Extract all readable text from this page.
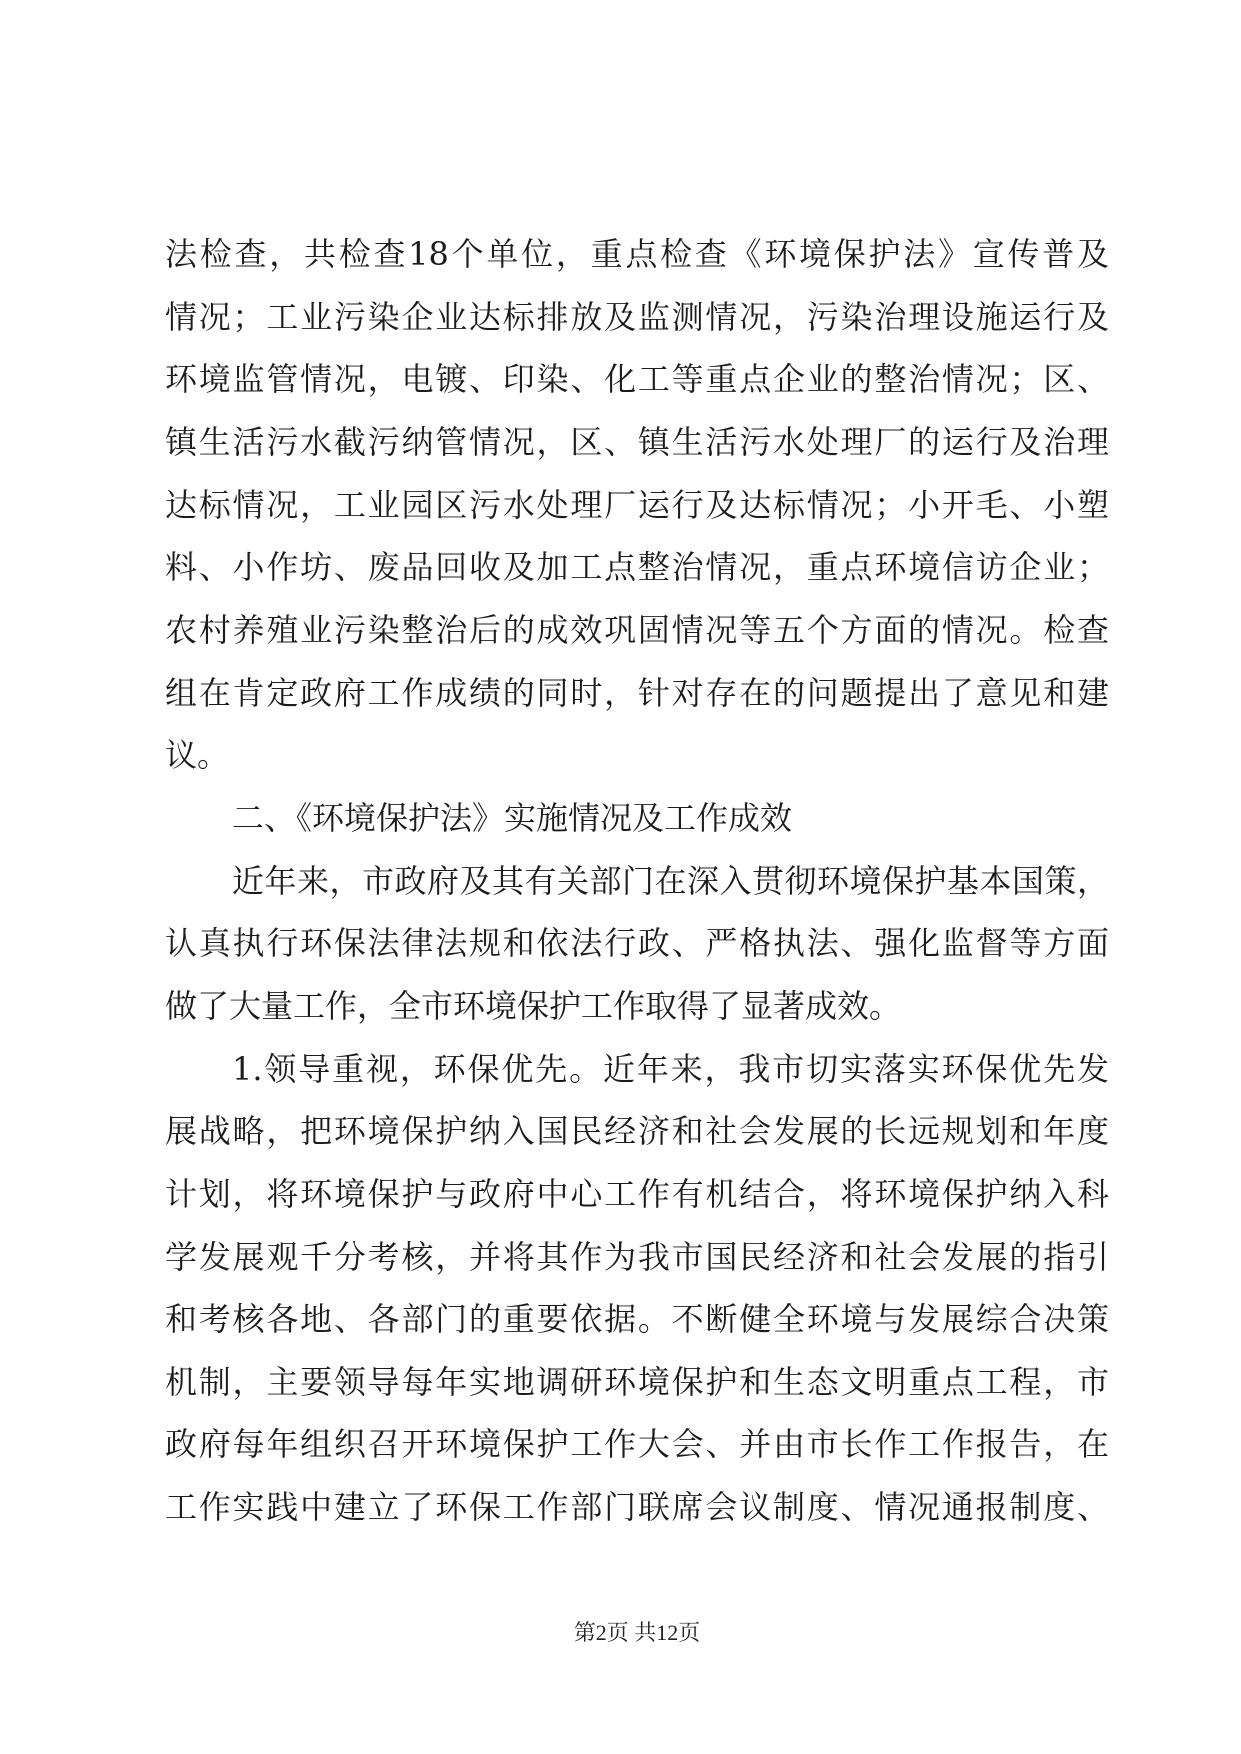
法检查，共检查18个单位，重点检查《环境保护法》宣传普及
情况；工业污染企业达标排放及监测情况，污染治理设施运行及
环境监管情况，电镀、印染、化工等重点企业的整治情况；区、
镇生活污水截污纳管情况，区、镇生活污水处理厂的运行及治理
达标情况，工业园区污水处理厂运行及达标情况；小开毛、小塑
料、小作坊、废品回收及加工点整治情况，重点环境信访企业；
农村养殖业污染整治后的成效巩固情况等五个方面的情况。检查
组在肯定政府工作成绩的同时，针对存在的问题提出了意见和建
议。
二、《环境保护法》实施情况及工作成效
近年来，市政府及其有关部门在深入贯彻环境保护基本国策，
认真执行环保法律法规和依法行政、严格执法、强化监督等方面
做了大量工作，全市环境保护工作取得了显著成效。
1.领导重视，环保优先。近年来，我市切实落实环保优先发
展战略，把环境保护纳入国民经济和社会发展的长远规划和年度
计划，将环境保护与政府中心工作有机结合，将环境保护纳入科
学发展观千分考核，并将其作为我市国民经济和社会发展的指引
和考核各地、各部门的重要依据。不断健全环境与发展综合决策
机制，主要领导每年实地调研环境保护和生态文明重点工程，市
政府每年组织召开环境保护工作大会、并由市长作工作报告，在
工作实践中建立了环保工作部门联席会议制度、情况通报制度、
第2页 共12页
